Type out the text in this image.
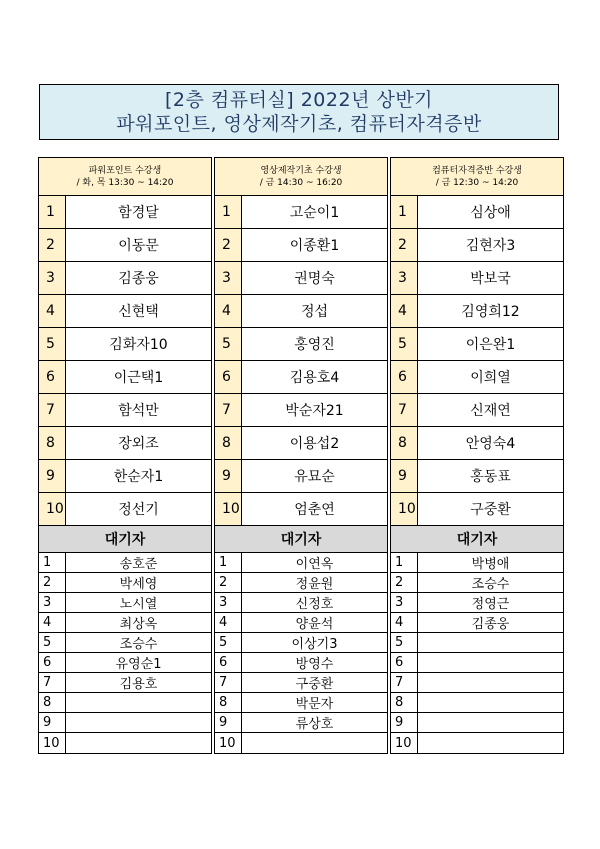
[2층 컴퓨터실] 2022년 상반기
파워포인트, 영상제작기초, 컴퓨터자격증반
파워포인트 수강생
/ 화, 목 13:30 ~ 14:20
1	함경달
2	이동문
3	김종웅
4	신현택
5	김화자10
6	이근택1
7	함석만
8	장외조
9	한순자1
10	정선기
대기자
1	송호준
2	박세영
3	노시열
4	최상옥
5	조승수
6	유영순1
7	김용호
8
9
10
영상제작기초 수강생
/ 금 14:30 ~ 16:20
1	고순이1
2	이종환1
3	권명숙
4	정섭
5	홍영진
6	김용호4
7	박순자21
8	이용섭2
9	유묘순
10	엄춘연
대기자
1	이연옥
2	정윤원
3	신정호
4	양윤석
5	이상기3
6	방영수
7	구중환
8	박문자
9	류상호
10
컴퓨터자격증반 수강생
/ 금 12:30 ~ 14:20
1	심상애
2	김현자3
3	박보국
4	김영희12
5	이은완1
6	이희열
7	신재연
8	안영숙4
9	홍동표
10	구중환
대기자
1	박병애
2	조승수
3	정영근
4	김종웅
5
6
7
8
9
10
